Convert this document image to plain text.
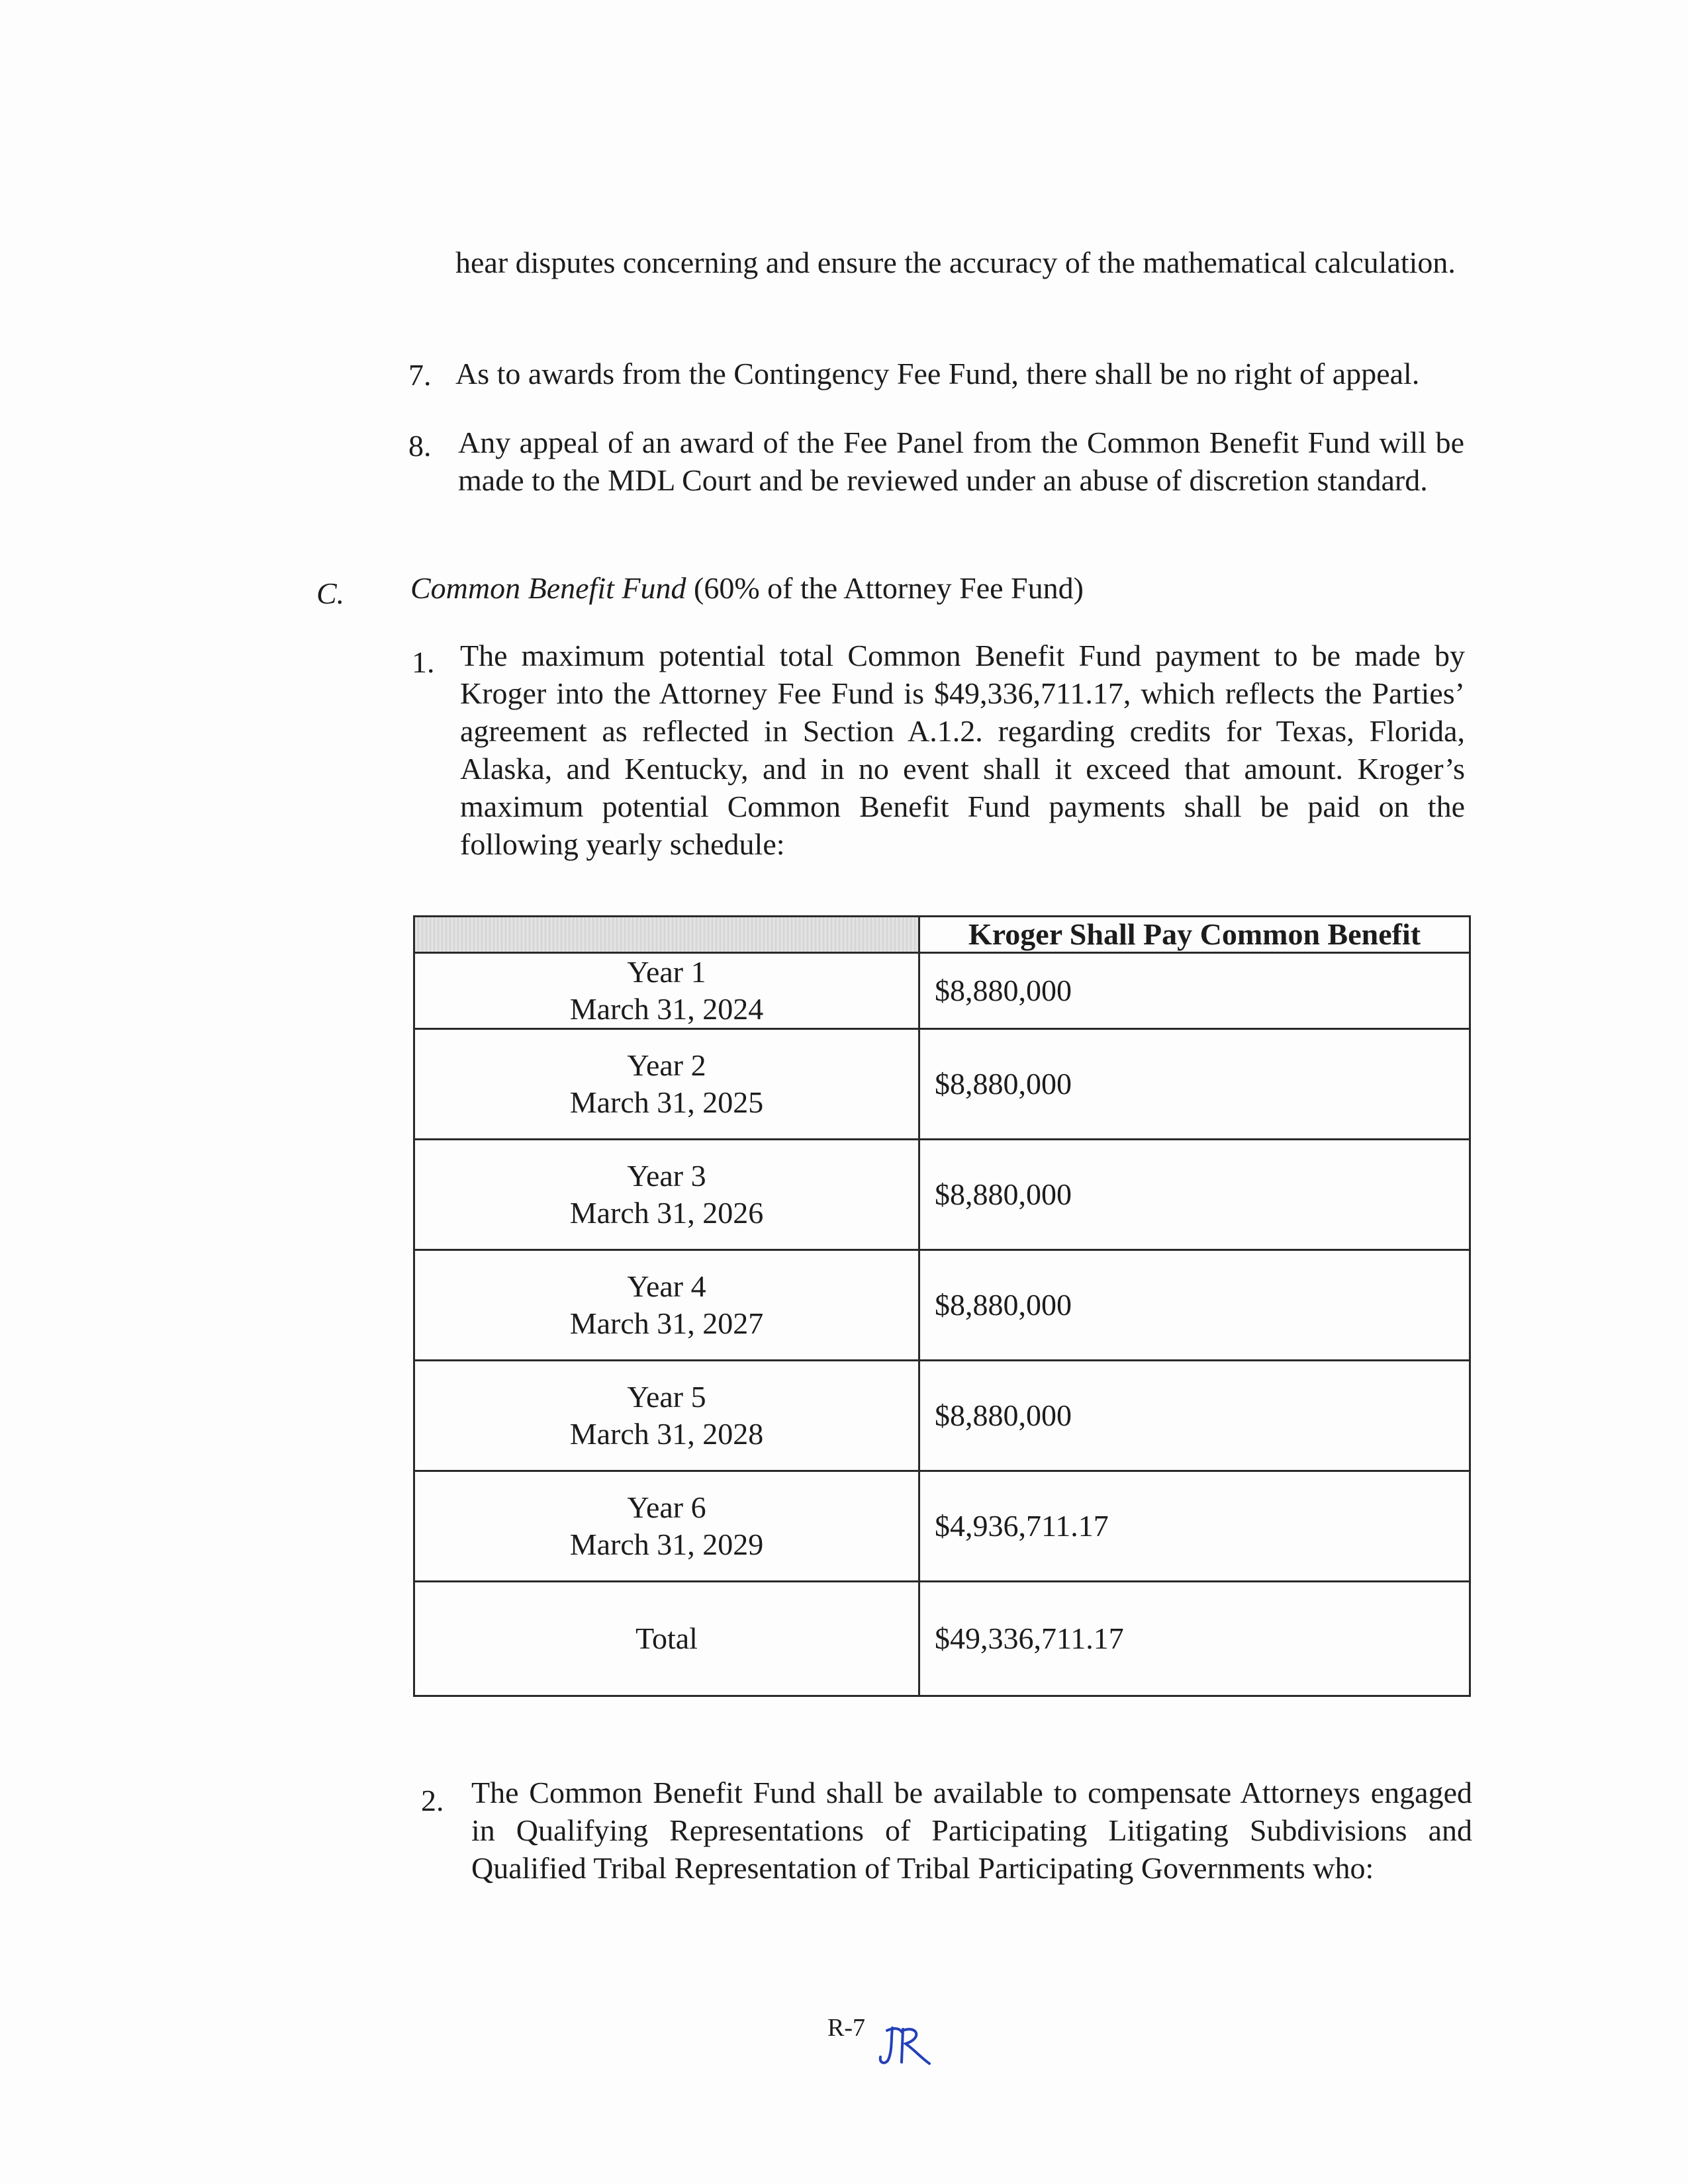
hear disputes concerning and ensure the accuracy of the mathematical calculation.
7. As to awards from the Contingency Fee Fund, there shall be no right of appeal.
8. Any appeal of an award of the Fee Panel from the Common Benefit Fund will be made to the MDL Court and be reviewed under an abuse of discretion standard.
C. Common Benefit Fund (60% of the Attorney Fee Fund)
1. The maximum potential total Common Benefit Fund payment to be made by Kroger into the Attorney Fee Fund is $49,336,711.17, which reflects the Parties’ agreement as reflected in Section A.1.2. regarding credits for Texas, Florida, Alaska, and Kentucky, and in no event shall it exceed that amount. Kroger’s maximum potential Common Benefit Fund payments shall be paid on the following yearly schedule:
	Kroger Shall Pay Common Benefit

Year 1
March 31, 2024	$8,880,000

Year 2
March 31, 2025	$8,880,000

Year 3
March 31, 2026	$8,880,000

Year 4
March 31, 2027	$8,880,000

Year 5
March 31, 2028	$8,880,000

Year 6
March 31, 2029	$4,936,711.17
Total	$49,336,711.17
2. The Common Benefit Fund shall be available to compensate Attorneys engaged in Qualifying Representations of Participating Litigating Subdivisions and Qualified Tribal Representation of Tribal Participating Governments who:
R-7
